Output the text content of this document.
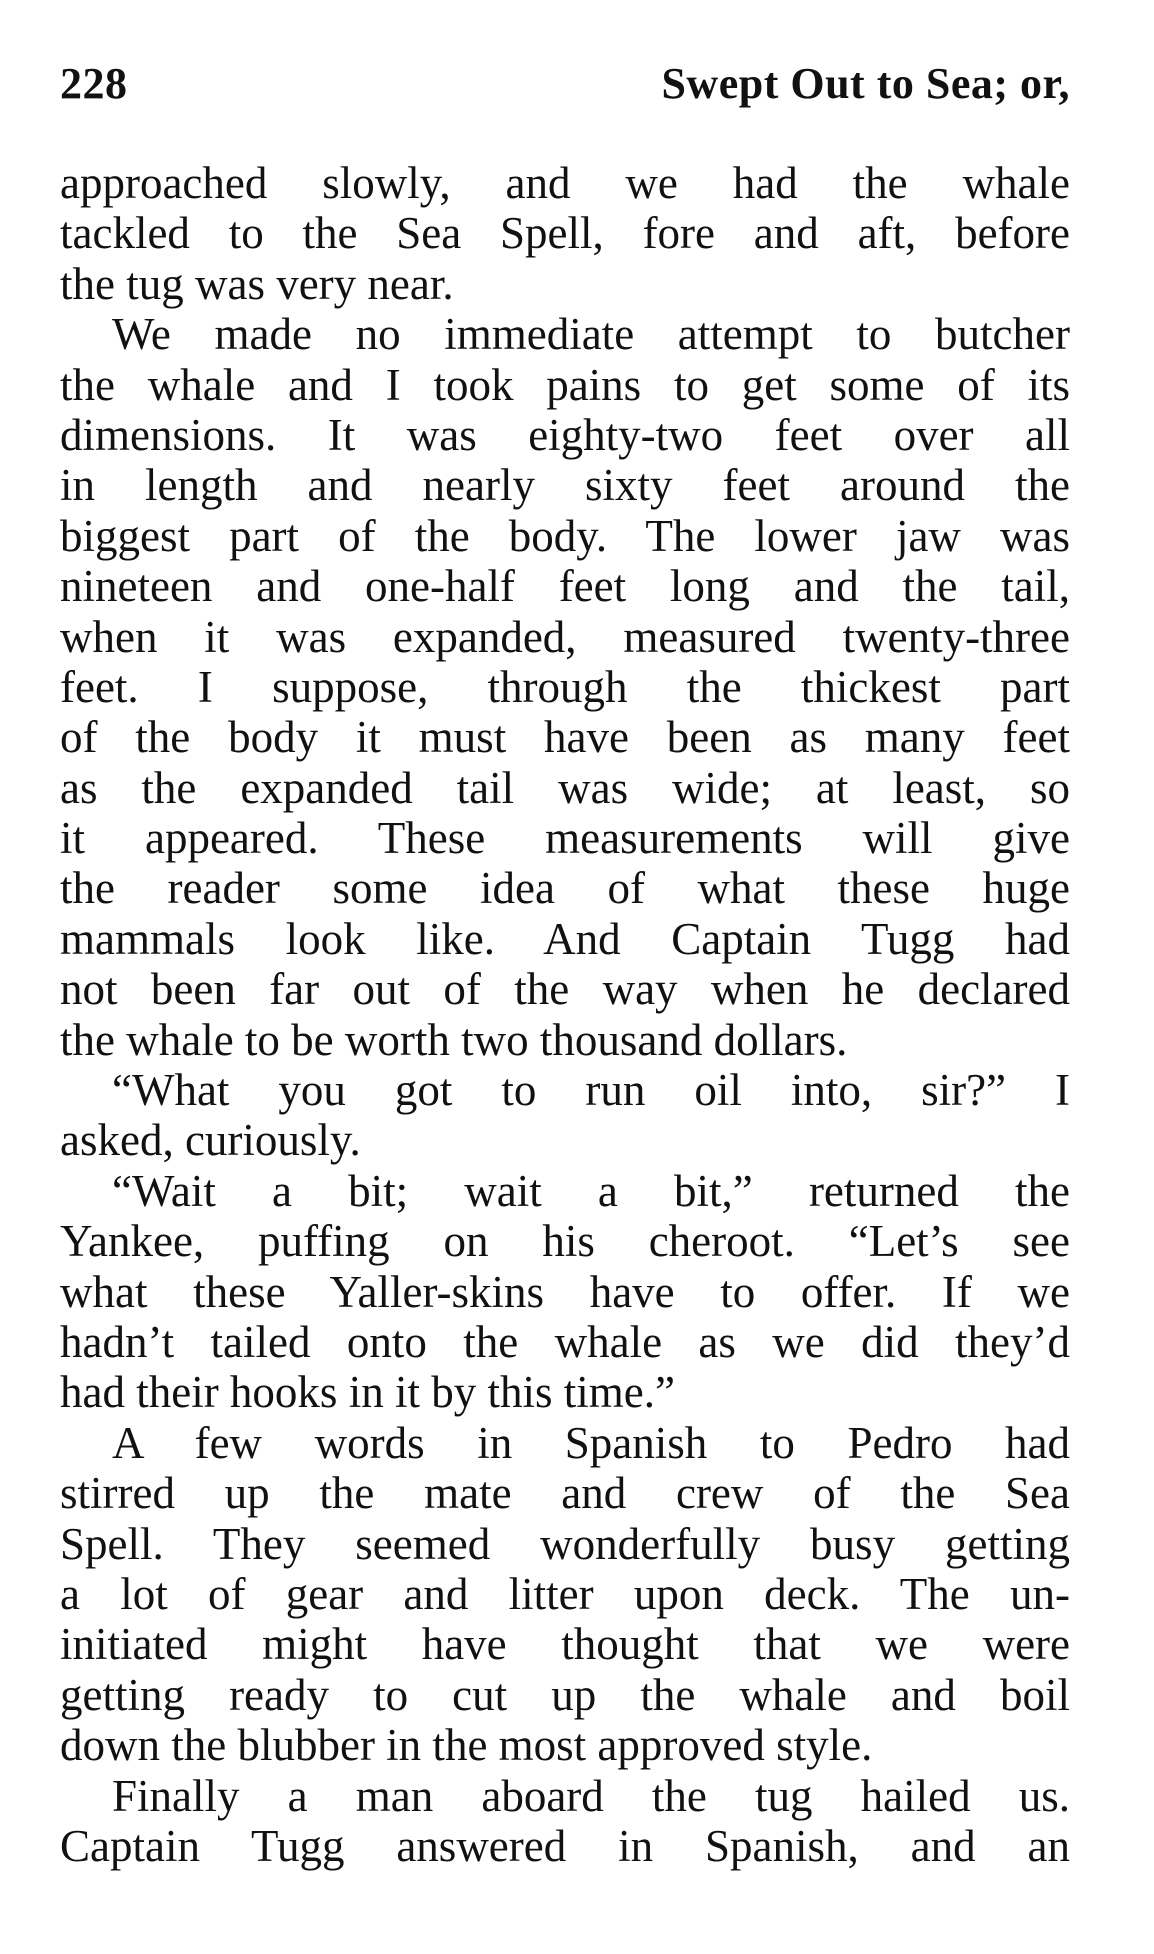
228	Swept Out to Sea; or,
approached slowly, and we had the whale
tackled to the Sea Spell, fore and aft, before
the tug was very near.
We made no immediate attempt to butcher
the whale and I took pains to get some of its
dimensions. It was eighty-two feet over all
in length and nearly sixty feet around the
biggest part of the body. The lower jaw was
nineteen and one-half feet long and the tail,
when it was expanded, measured twenty-three
feet. I suppose, through the thickest part
of the body it must have been as many feet
as the expanded tail was wide; at least, so
it appeared. These measurements will give
the reader some idea of what these huge
mammals look like. And Captain Tugg had
not been far out of the way when he declared
the whale to be worth two thousand dollars.
“What you got to run oil into, sir?” I
asked, curiously.
“Wait a bit; wait a bit,” returned the
Yankee, puffing on his cheroot. “Let’s see
what these Yaller-skins have to offer. If we
hadn’t tailed onto the whale as we did they’d
had their hooks in it by this time.”
A few words in Spanish to Pedro had
stirred up the mate and crew of the Sea
Spell. They seemed wonderfully busy getting
a lot of gear and litter upon deck. The un-
initiated might have thought that we were
getting ready to cut up the whale and boil
down the blubber in the most approved style.
Finally a man aboard the tug hailed us.
Captain Tugg answered in Spanish, and an
